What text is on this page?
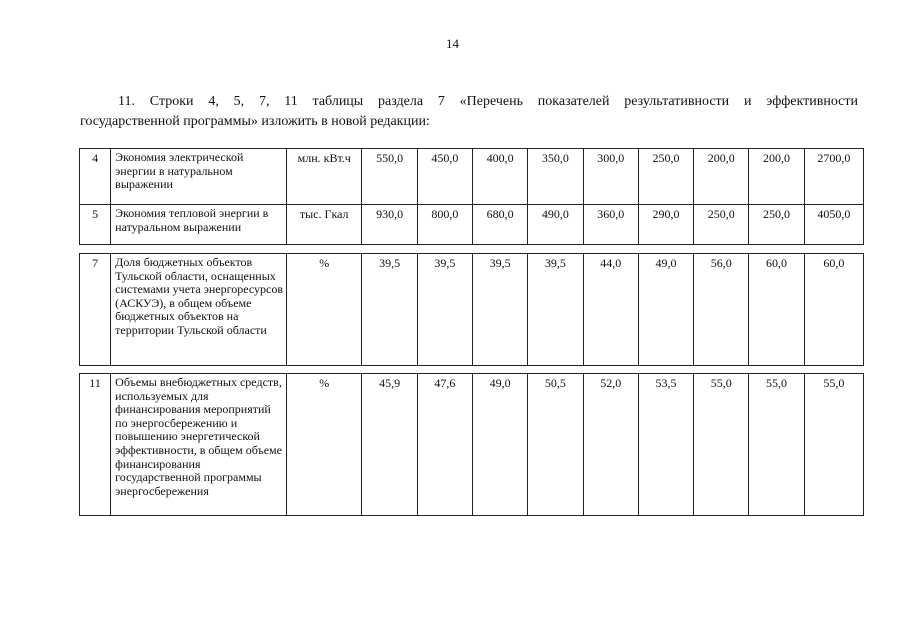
14

11. Строки 4, 5, 7, 11 таблицы раздела 7 «Перечень показателей результативности и эффективности

государственной программы» изложить в новой редакции:

4	Экономия электрической энергии в натуральном выражении	млн. кВт.ч	550,0	450,0	400,0	350,0	300,0	250,0	200,0	200,0	2700,0
5	Экономия тепловой энергии в натуральном выражении	тыс. Гкал	930,0	800,0	680,0	490,0	360,0	290,0	250,0	250,0	4050,0
7	Доля бюджетных объектов Тульской области, оснащенных системами учета энергоресурсов (АСКУЭ), в общем объеме бюджетных объектов на территории Тульской области	%	39,5	39,5	39,5	39,5	44,0	49,0	56,0	60,0	60,0
11	Объемы внебюджетных средств, используемых для финансирования мероприятий по энергосбережению и повышению энергетической эффективности, в общем объеме финансирования государственной программы энергосбережения	%	45,9	47,6	49,0	50,5	52,0	53,5	55,0	55,0	55,0
